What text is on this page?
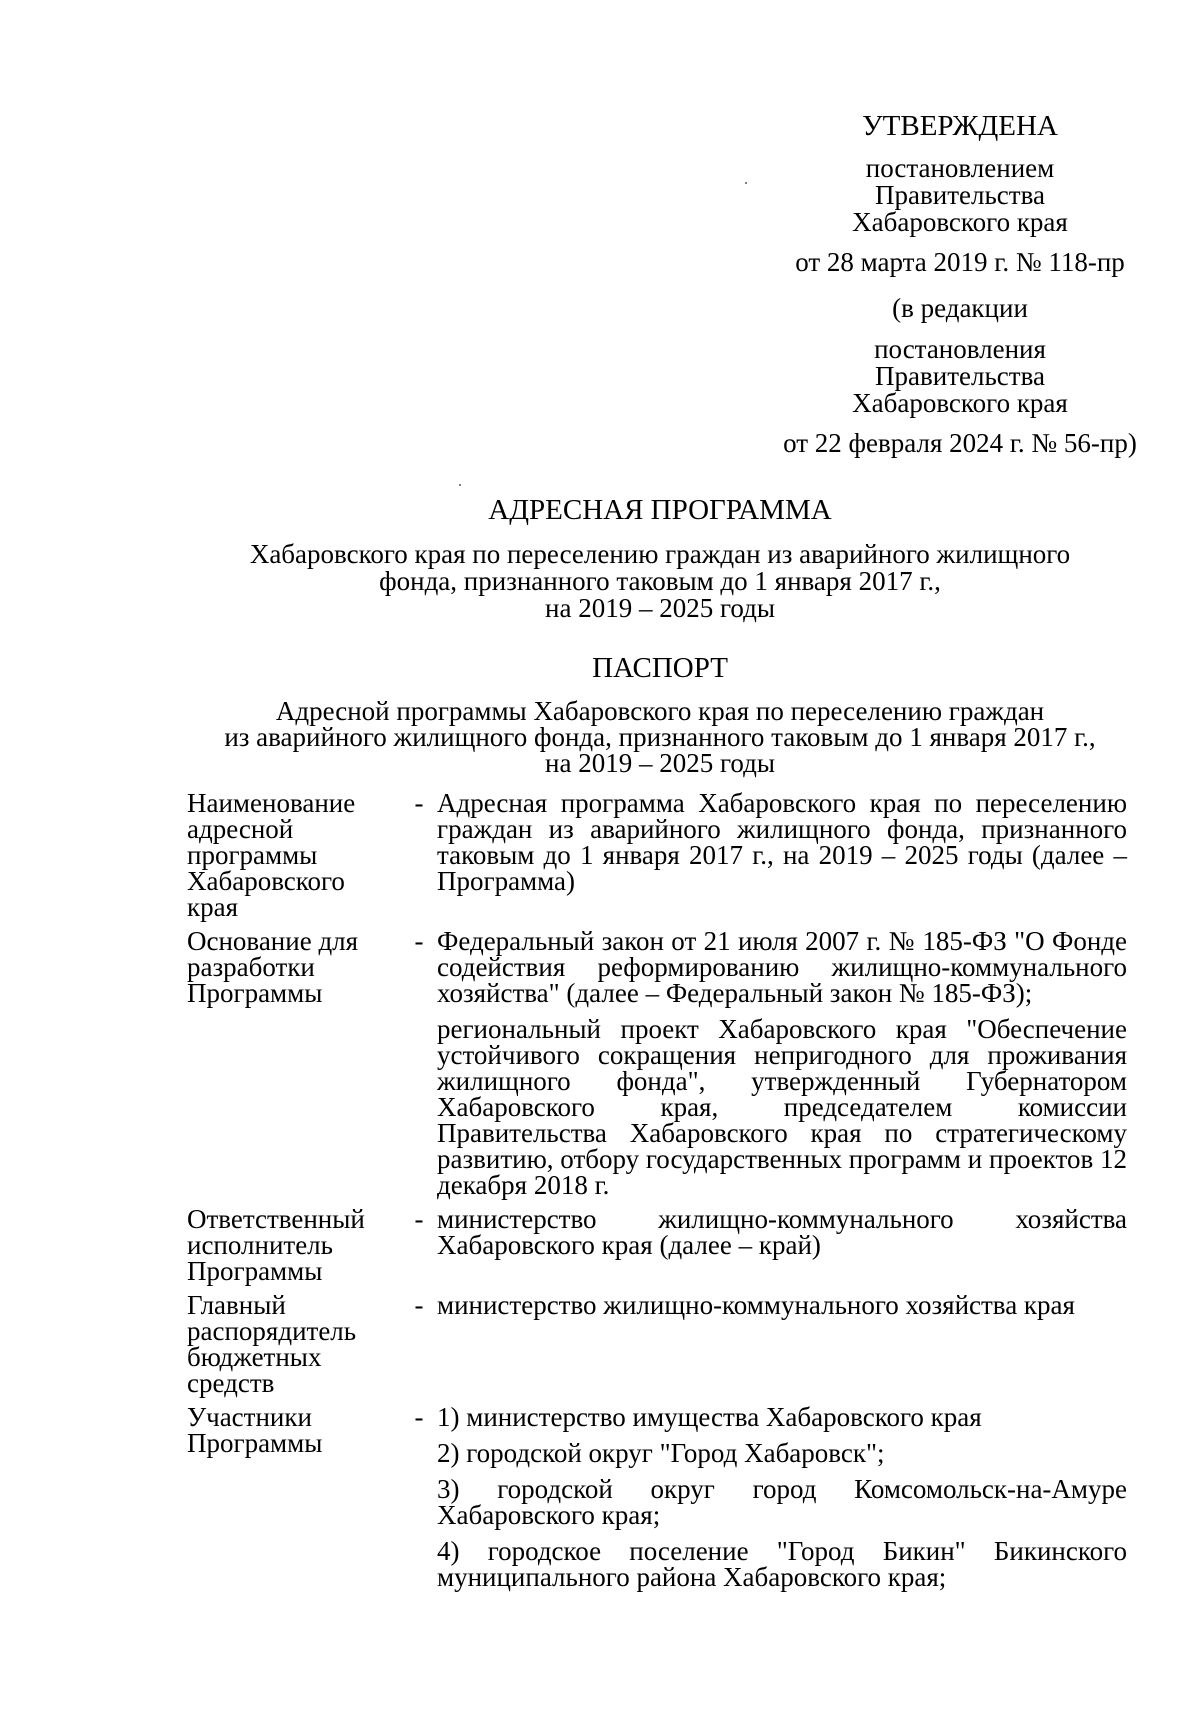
УТВЕРЖДЕНА
постановлением
Правительства
Хабаровского края
от 28 марта 2019 г. № 118-пр
(в редакции
постановления
Правительства
Хабаровского края
от 22 февраля 2024 г. № 56-пр)
АДРЕСНАЯ ПРОГРАММА
Хабаровского края по переселению граждан из аварийного жилищного
фонда, признанного таковым до 1 января 2017 г.,
на 2019 – 2025 годы
ПАСПОРТ
Адресной программы Хабаровского края по переселению граждан
из аварийного жилищного фонда, признанного таковым до 1 января 2017 г.,
на 2019 – 2025 годы
Наименование адресной программы Хабаровского края	-	Адресная программа Хабаровского края по переселению граждан из аварийного жилищного фонда, признанного таковым до 1 января 2017 г., на 2019 – 2025 годы (далее – Программа)

Основание для разработки Программы	-	Федеральный закон от 21 июля 2007 г. № 185-ФЗ "О Фонде содействия реформированию жилищно-коммунального хозяйства" (далее – Федеральный закон № 185-ФЗ);

региональный проект Хабаровского края "Обеспечение устойчивого сокращения непригодного для проживания жилищного фонда", утвержденный Губернатором Хабаровского края, председателем комиссии Правительства Хабаровского края по стратегическому развитию, отбору государственных программ и проектов 12 декабря 2018 г.

Ответственный исполнитель Программы	-	министерство жилищно-коммунального хозяйства Хабаровского края (далее – край)

Главный распорядитель бюджетных средств	-	министерство жилищно-коммунального хозяйства края

Участники Программы	-	1) министерство имущества Хабаровского края

2) городской округ "Город Хабаровск";

3) городской округ город Комсомольск-на-Амуре Хабаровского края;

4) городское поселение "Город Бикин" Бикинского муниципального района Хабаровского края;
